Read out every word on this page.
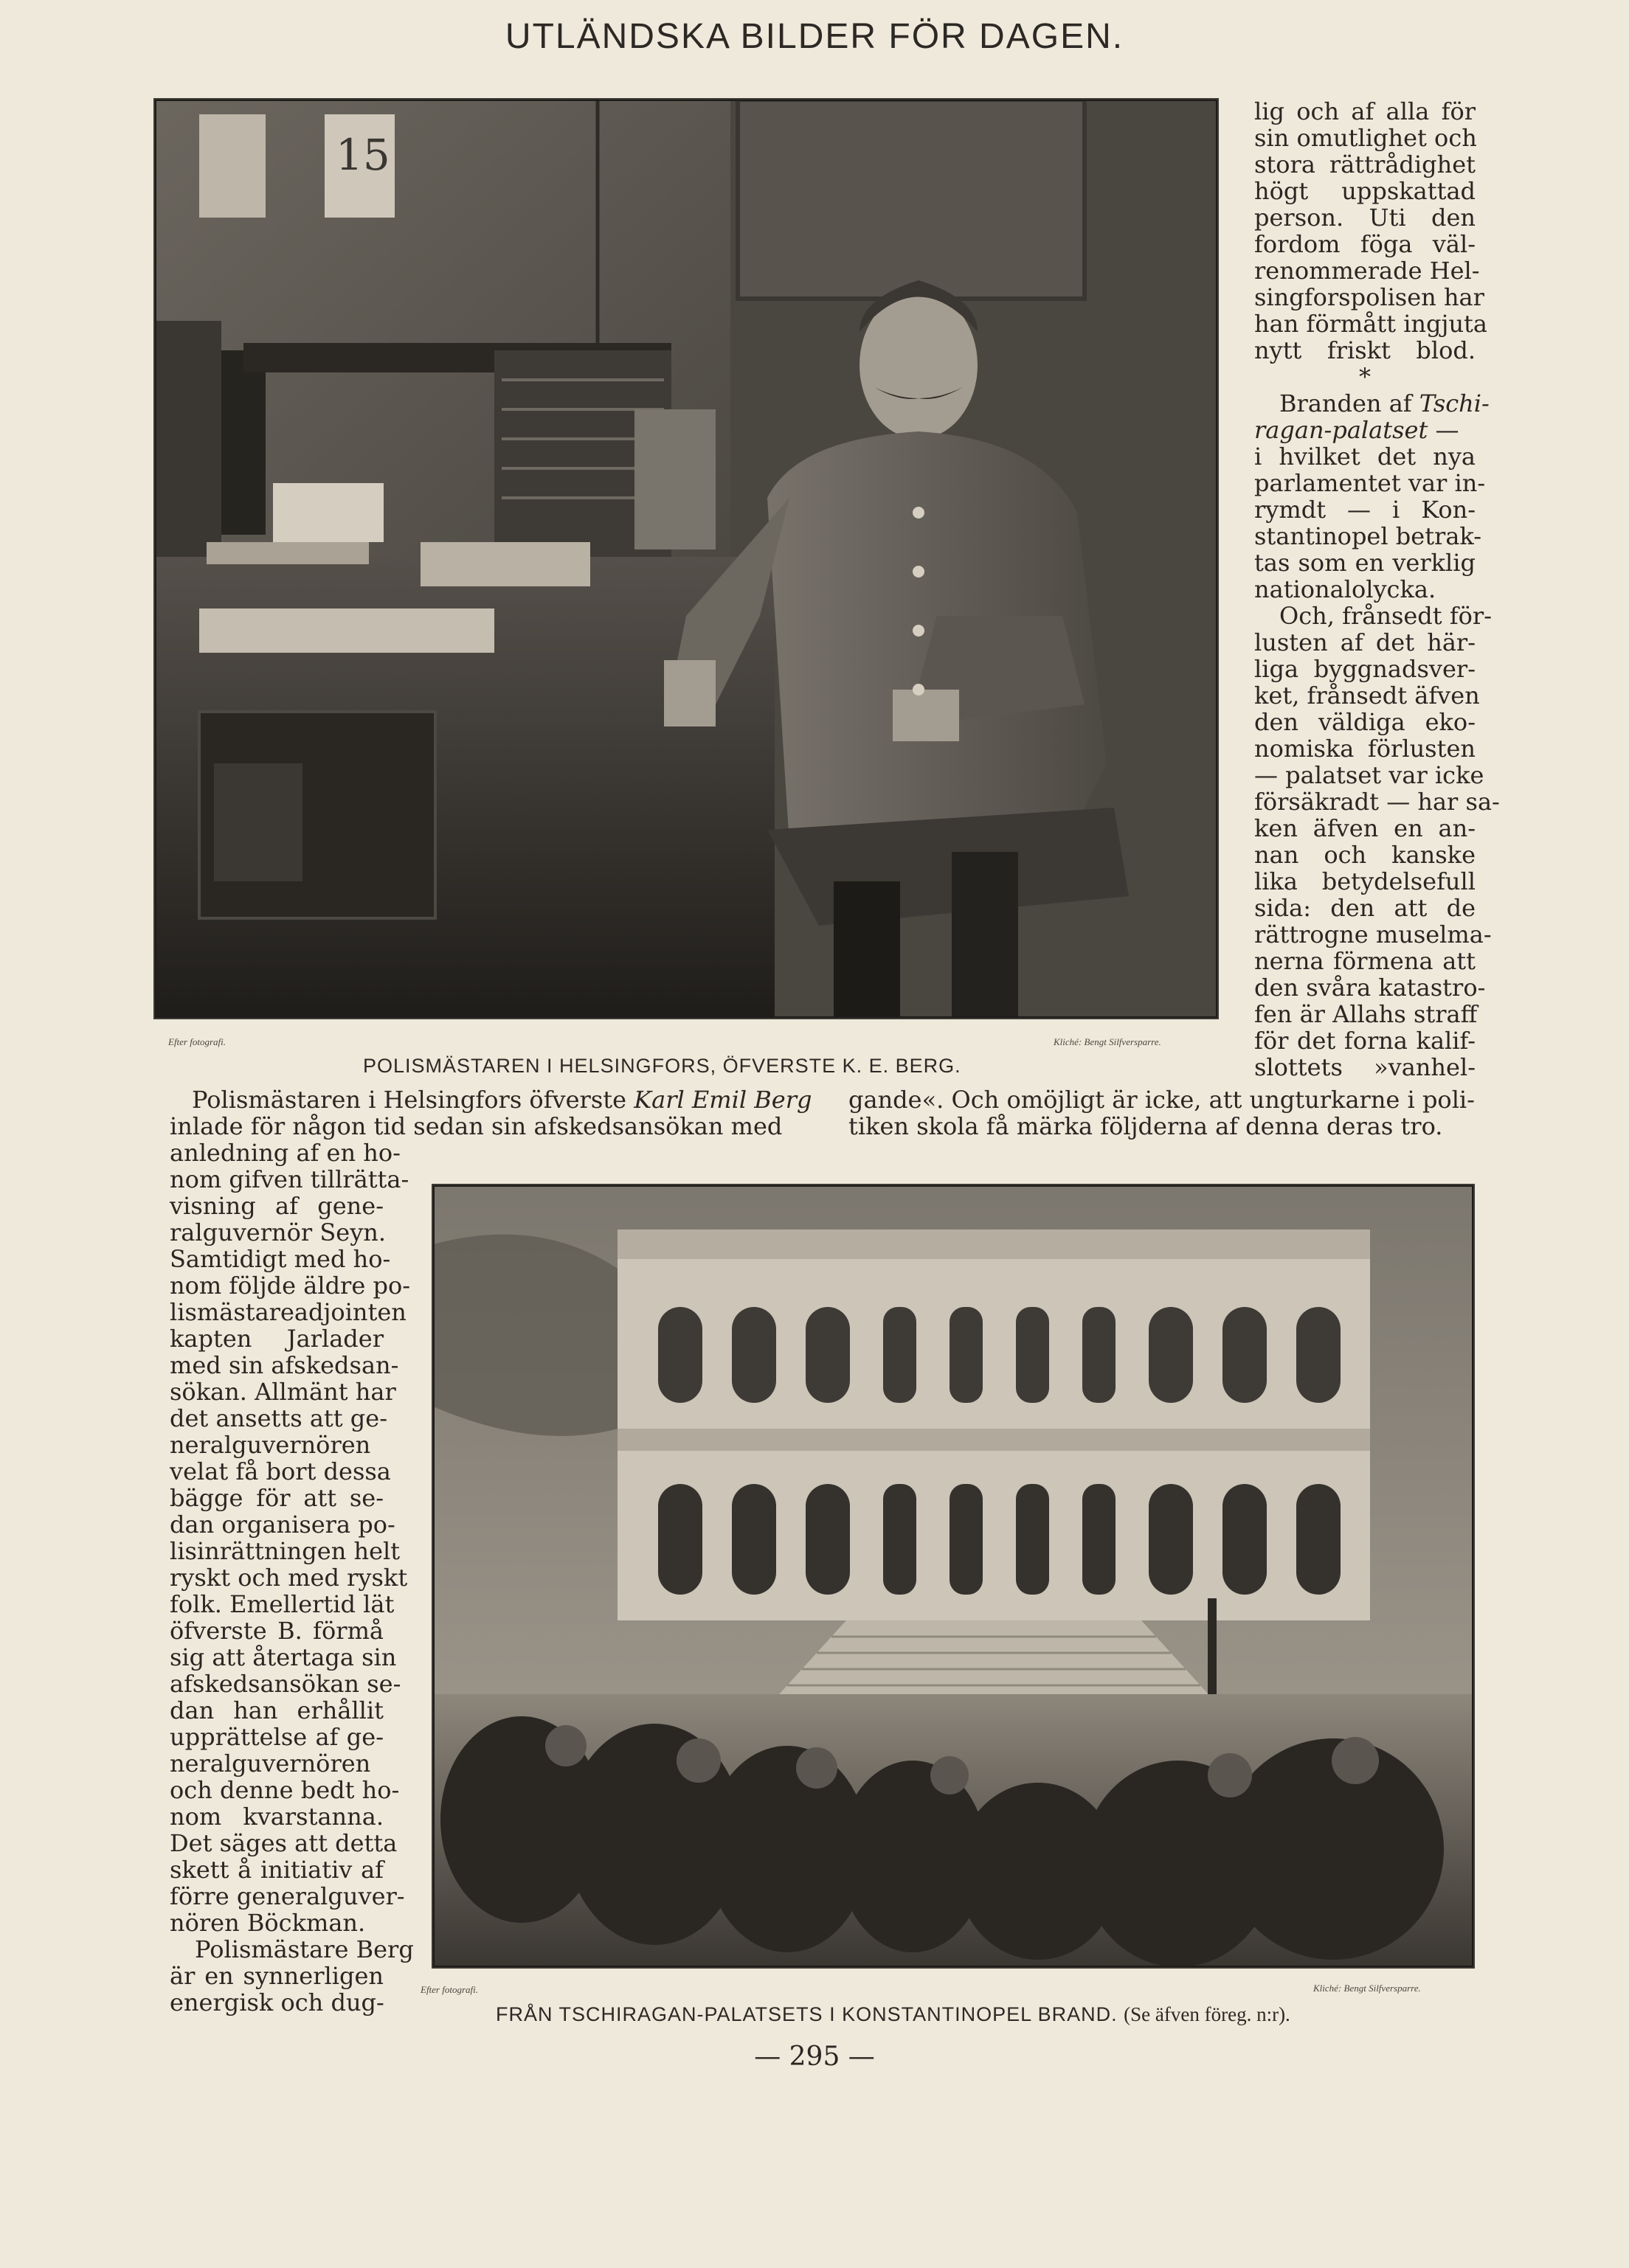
UTLÄNDSKA BILDER FÖR DAGEN.
15
Efter fotografi.	Kliché: Bengt Silfversparre.
POLISMÄSTAREN I HELSINGFORS, ÖFVERSTE K. E. BERG.
lig och af alla för
sin omutlighet och
stora rättrådighet
högt uppskattad
person. Uti den
fordom föga väl-
renommerade Hel-
singforspolisen har
han förmått ingjuta
nytt friskt blod.
*
Branden af Tschi-
ragan-palatset —
i hvilket det nya
parlamentet var in-
rymdt — i Kon-
stantinopel betrak-
tas som en verklig
nationalolycka.
Och, frånsedt för-
lusten af det här-
liga byggnadsver-
ket, frånsedt äfven
den väldiga eko-
nomiska förlusten
— palatset var icke
försäkradt — har sa-
ken äfven en an-
nan och kanske
lika betydelsefull
sida: den att de
rättrogne muselma-
nerna förmena att
den svåra katastro-
fen är Allahs straff
för det forna kalif-
slottets »vanhel-
gande«. Och omöjligt är icke, att ungturkarne i poli-
tiken skola få märka följderna af denna deras tro.
Polismästaren i Helsingfors öfverste Karl Emil Berg
inlade för någon tid sedan sin afskedsansökan med
anledning af en ho-
nom gifven tillrätta-
visning af gene-
ralguvernör Seyn.
Samtidigt med ho-
nom följde äldre po-
lismästareadjointen
kapten Jarlader
med sin afskedsan-
sökan. Allmänt har
det ansetts att ge-
neralguvernören
velat få bort dessa
bägge för att se-
dan organisera po-
lisinrättningen helt
ryskt och med ryskt
folk. Emellertid lät
öfverste B. förmå
sig att återtaga sin
afskedsansökan se-
dan han erhållit
upprättelse af ge-
neralguvernören
och denne bedt ho-
nom kvarstanna.
Det säges att detta
skett å initiativ af
förre generalguver-
nören Böckman.
Polismästare Berg
är en synnerligen
energisk och dug-	Efter fotografi.	Kliché: Bengt Silfversparre.
FRÅN TSCHIRAGAN-PALATSETS I KONSTANTINOPEL BRAND. (Se äfven föreg. n:r).
— 295 —
